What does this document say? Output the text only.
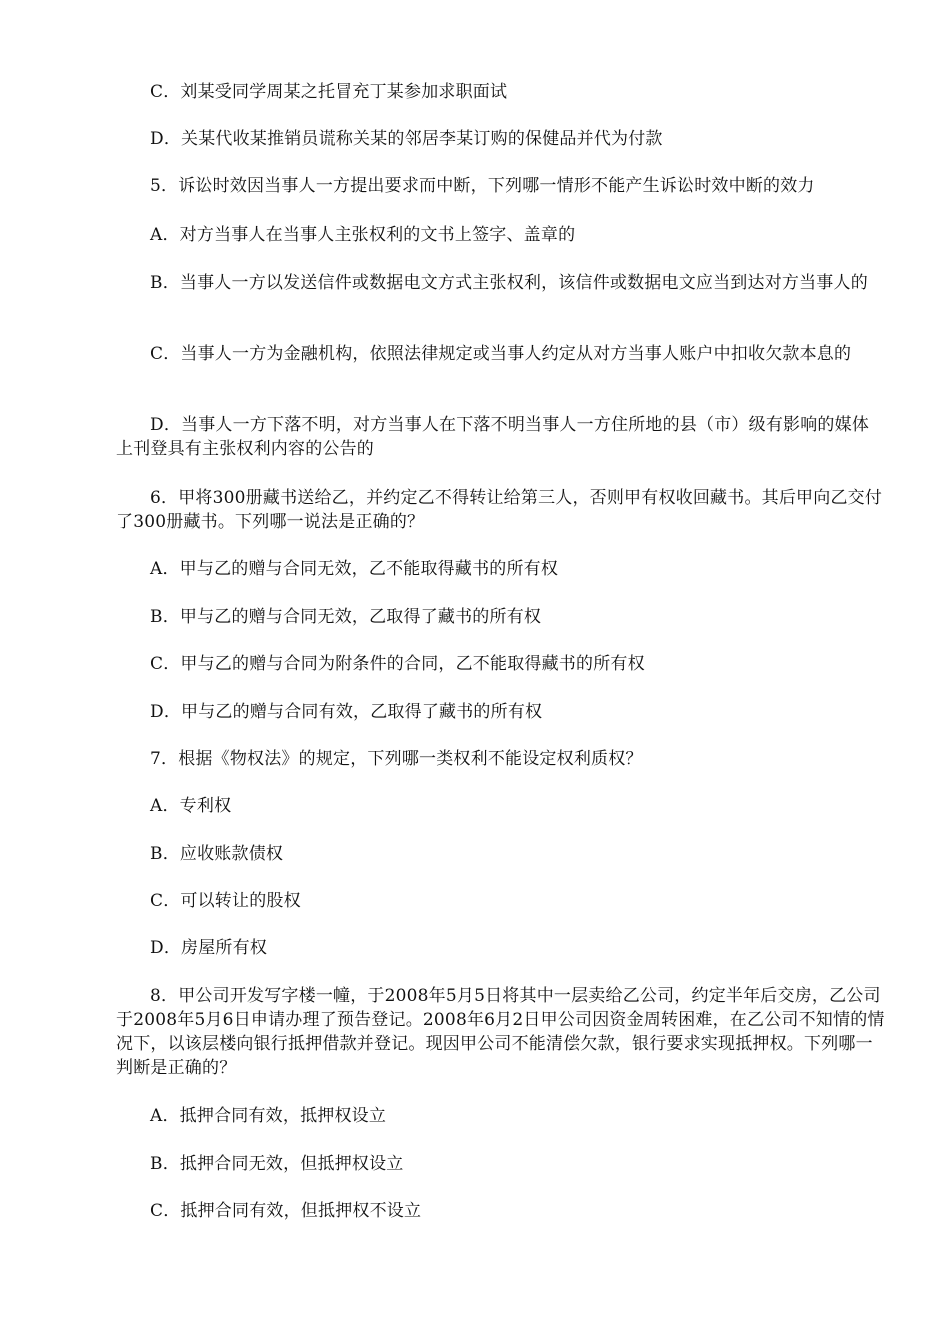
C．刘某受同学周某之托冒充丁某参加求职面试
D．关某代收某推销员谎称关某的邻居李某订购的保健品并代为付款
5．诉讼时效因当事人一方提出要求而中断，下列哪一情形不能产生诉讼时效中断的效力
A．对方当事人在当事人主张权利的文书上签字、盖章的
B．当事人一方以发送信件或数据电文方式主张权利，该信件或数据电文应当到达对方当事人的
C．当事人一方为金融机构，依照法律规定或当事人约定从对方当事人账户中扣收欠款本息的
D．当事人一方下落不明，对方当事人在下落不明当事人一方住所地的县（市）级有影响的媒体上刊登具有主张权利内容的公告的
6．甲将300册藏书送给乙，并约定乙不得转让给第三人，否则甲有权收回藏书。其后甲向乙交付了300册藏书。下列哪一说法是正确的？
A．甲与乙的赠与合同无效，乙不能取得藏书的所有权
B．甲与乙的赠与合同无效，乙取得了藏书的所有权
C．甲与乙的赠与合同为附条件的合同，乙不能取得藏书的所有权
D．甲与乙的赠与合同有效，乙取得了藏书的所有权
7．根据《物权法》的规定，下列哪一类权利不能设定权利质权？
A．专利权
B．应收账款债权
C．可以转让的股权
D．房屋所有权
8．甲公司开发写字楼一幢，于2008年5月5日将其中一层卖给乙公司，约定半年后交房，乙公司于2008年5月6日申请办理了预告登记。2008年6月2日甲公司因资金周转困难，在乙公司不知情的情况下，以该层楼向银行抵押借款并登记。现因甲公司不能清偿欠款，银行要求实现抵押权。下列哪一判断是正确的？
A．抵押合同有效，抵押权设立
B．抵押合同无效，但抵押权设立
C．抵押合同有效，但抵押权不设立
